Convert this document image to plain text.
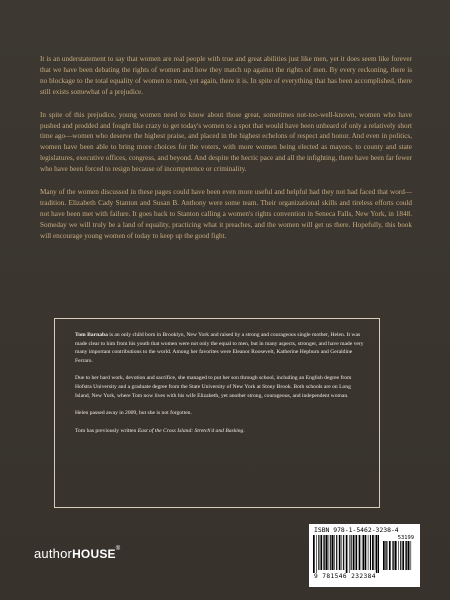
It is an understatement to say that women are real people with true and great abilities just like men, yet it does seem like forever that we have been debating the rights of women and how they match up against the rights of men. By every reckoning, there is no blockage to the total equality of women to men, yet again, there it is. In spite of everything that has been accomplished, there still exists somewhat of a prejudice.

In spite of this prejudice, young women need to know about those great, sometimes not-too-well-known, women who have pushed and prodded and fought like crazy to get today's women to a spot that would have been unheard of only a relatively short time ago—women who deserve the highest praise, and placed in the highest echelons of respect and honor. And even in politics, women have been able to bring more choices for the voters, with more women being elected as mayors, to county and state legislatures, executive offices, congress, and beyond. And despite the hectic pace and all the infighting, there have been far fewer who have been forced to resign because of incompetence or criminality.

Many of the women discussed in these pages could have been even more useful and helpful had they not had faced that word—tradition. Elizabeth Cady Stanton and Susan B. Anthony were some team. Their organizational skills and tireless efforts could not have been met with failure. It goes back to Stanton calling a women's rights convention in Seneca Falls, New York, in 1848. Someday we will truly be a land of equality, practicing what it preaches, and the women will get us there. Hopefully, this book will encourage young women of today to keep up the good fight.

Tom Barnaba is an only child born in Brooklyn, New York and raised by a strong and courageous single mother, Helen. It was made clear to him from his youth that women were not only the equal to men, but in many aspects, stronger, and have made very many important contributions to the world. Among her favorites were Eleanor Roosevelt, Katherine Hepburn and Geraldine Ferraro.

Due to her hard work, devotion and sacrifice, she managed to put her son through school, including an English degree from Hofstra University and a graduate degree from the State University of New York at Stony Brook. Both schools are on Long Island, New York, where Tom now lives with his wife Elizabeth, yet another strong, courageous, and independent woman.

Helen passed away in 2009, but she is not forgotten.

Tom has previously written East of the Cross Island: Stretch'd and Basking.

authorHOUSE®
ISBN 978-1-5462-3238-4
53199
9 781546 232384
